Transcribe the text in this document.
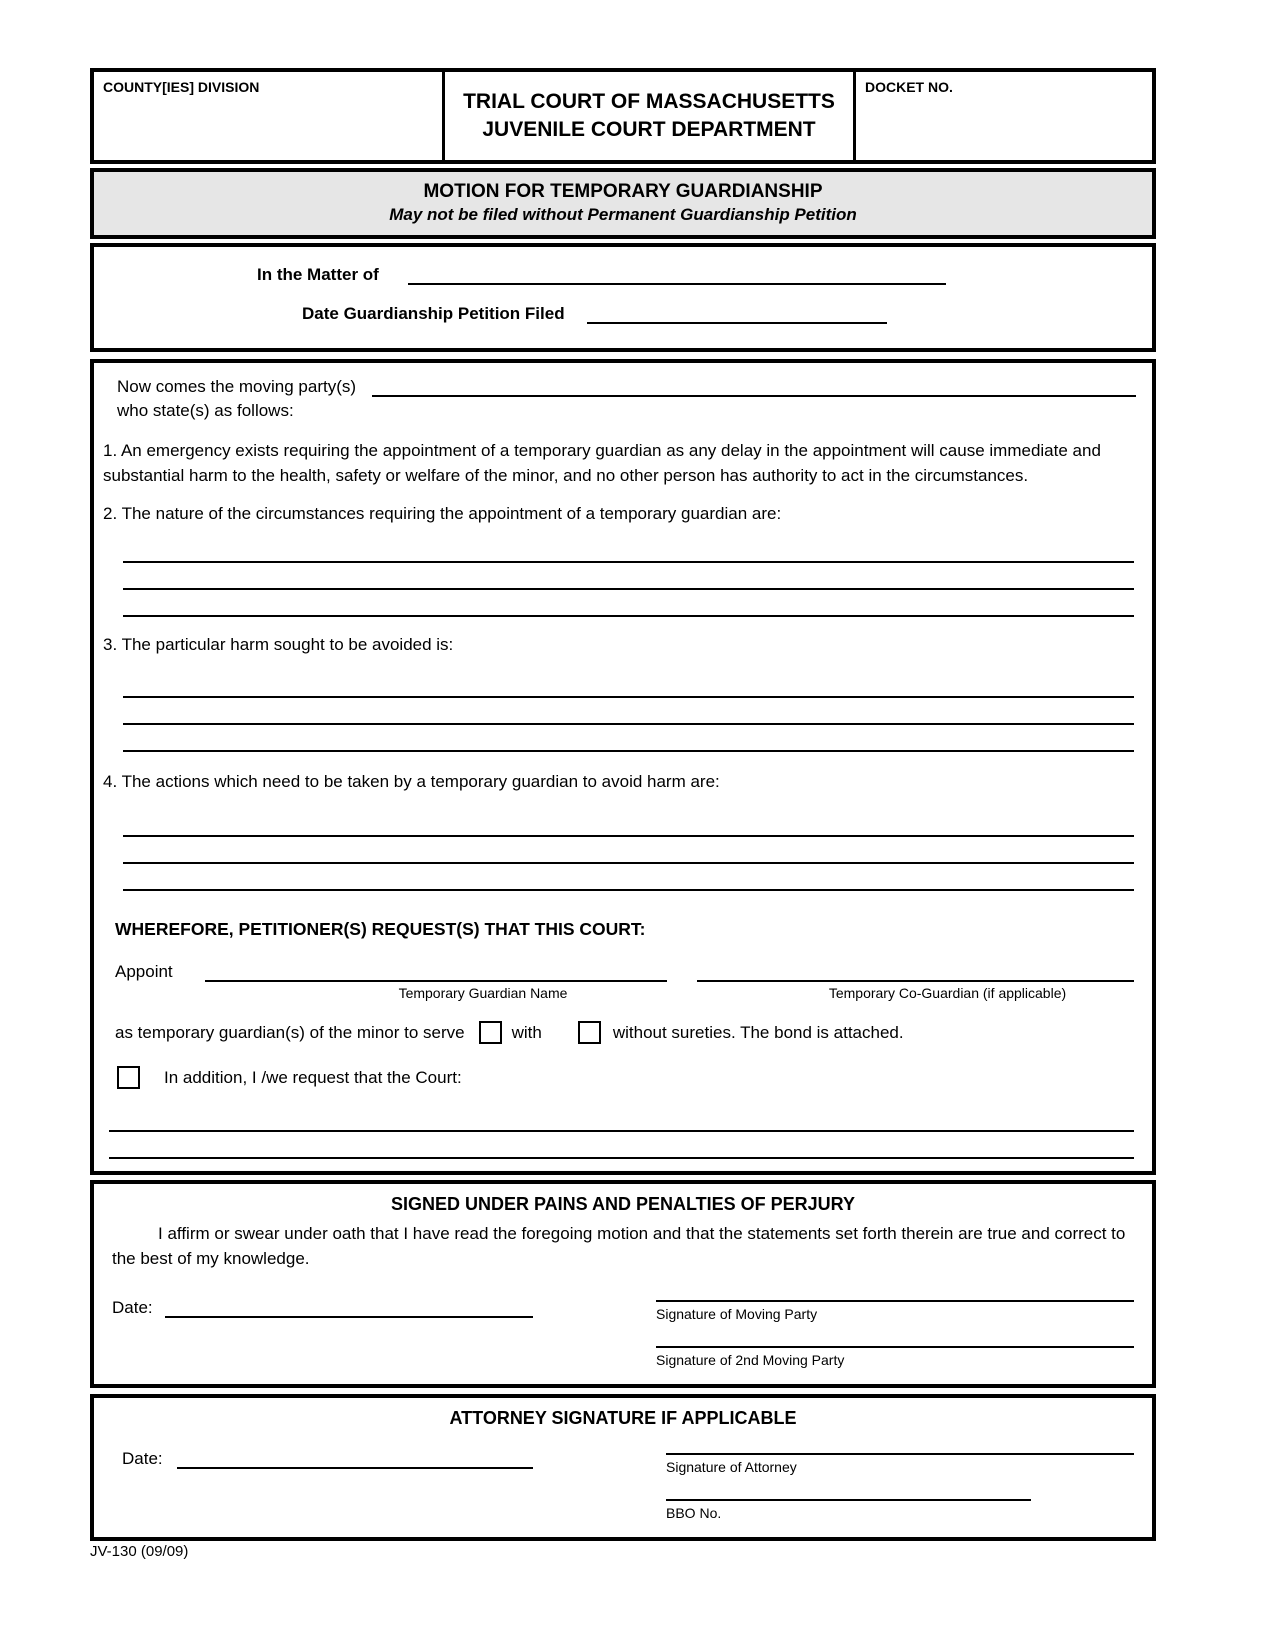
COUNTY[IES] DIVISION
TRIAL COURT OF MASSACHUSETTS
JUVENILE COURT DEPARTMENT
DOCKET NO.
MOTION FOR TEMPORARY GUARDIANSHIP
May not be filed without Permanent Guardianship Petition
In the Matter of
Date Guardianship Petition Filed
Now comes the moving party(s)
who state(s) as follows:
1. An emergency exists requiring the appointment of a temporary guardian as any delay in the appointment will cause immediate and substantial harm to the health, safety or welfare of the minor, and no other person has authority to act in the circumstances.
2. The nature of the circumstances requiring the appointment of a temporary guardian are:
3. The particular harm sought to be avoided is:
4. The actions which need to be taken by a temporary guardian to avoid harm are:
WHEREFORE, PETITIONER(S) REQUEST(S) THAT THIS COURT:
Appoint
Temporary Guardian Name	Temporary Co-Guardian (if applicable)
as temporary guardian(s) of the minor to serve	with	without sureties. The bond is attached.
In addition, I /we request that the Court:
SIGNED UNDER PAINS AND PENALTIES OF PERJURY
I affirm or swear under oath that I have read the foregoing motion and that the statements set forth therein are true and correct to the best of my knowledge.
Date:	Signature of Moving Party
Signature of 2nd Moving Party
ATTORNEY SIGNATURE IF APPLICABLE
Date:	Signature of Attorney
BBO No.
JV-130 (09/09)
